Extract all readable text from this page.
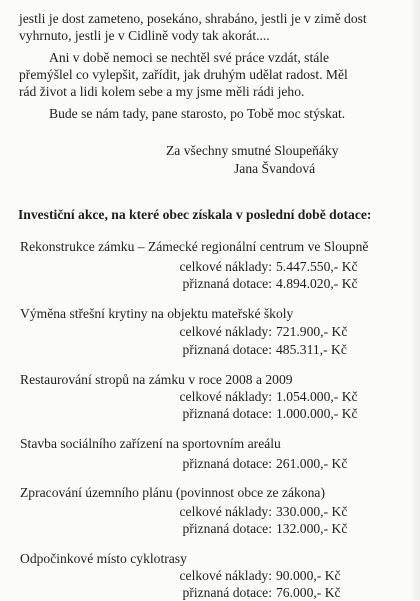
jestli je dost zameteno, posekáno, shrabáno, jestli je v zimě dost
vyhrnuto, jestli je v Cidlině vody tak akorát....
Ani v době nemoci se nechtěl své práce vzdát, stále
přemýšlel co vylepšit, zařídit, jak druhým udělat radost. Měl
rád život a lidi kolem sebe a my jsme měli rádi jeho.
Bude se nám tady, pane starosto, po Tobě moc stýskat.
Za všechny smutné Sloupeňáky
Jana Švandová
Investiční akce, na které obec získala v poslední době dotace:
Rekonstrukce zámku – Zámecké regionální centrum ve Sloupně
celkové náklady: 5.447.550,- Kč
přiznaná dotace: 4.894.020,- Kč
Výměna střešní krytiny na objektu mateřské školy
celkové náklady: 721.900,- Kč
přiznaná dotace: 485.311,- Kč
Restaurování stropů na zámku v roce 2008 a 2009
celkové náklady: 1.054.000,- Kč
přiznaná dotace: 1.000.000,- Kč
Stavba sociálního zařízení na sportovním areálu
přiznaná dotace: 261.000,- Kč
Zpracování územního plánu (povinnost obce ze zákona)
celkové náklady: 330.000,- Kč
přiznaná dotace: 132.000,- Kč
Odpočinkové místo cyklotrasy
celkové náklady: 90.000,- Kč
přiznaná dotace: 76.000,- Kč
